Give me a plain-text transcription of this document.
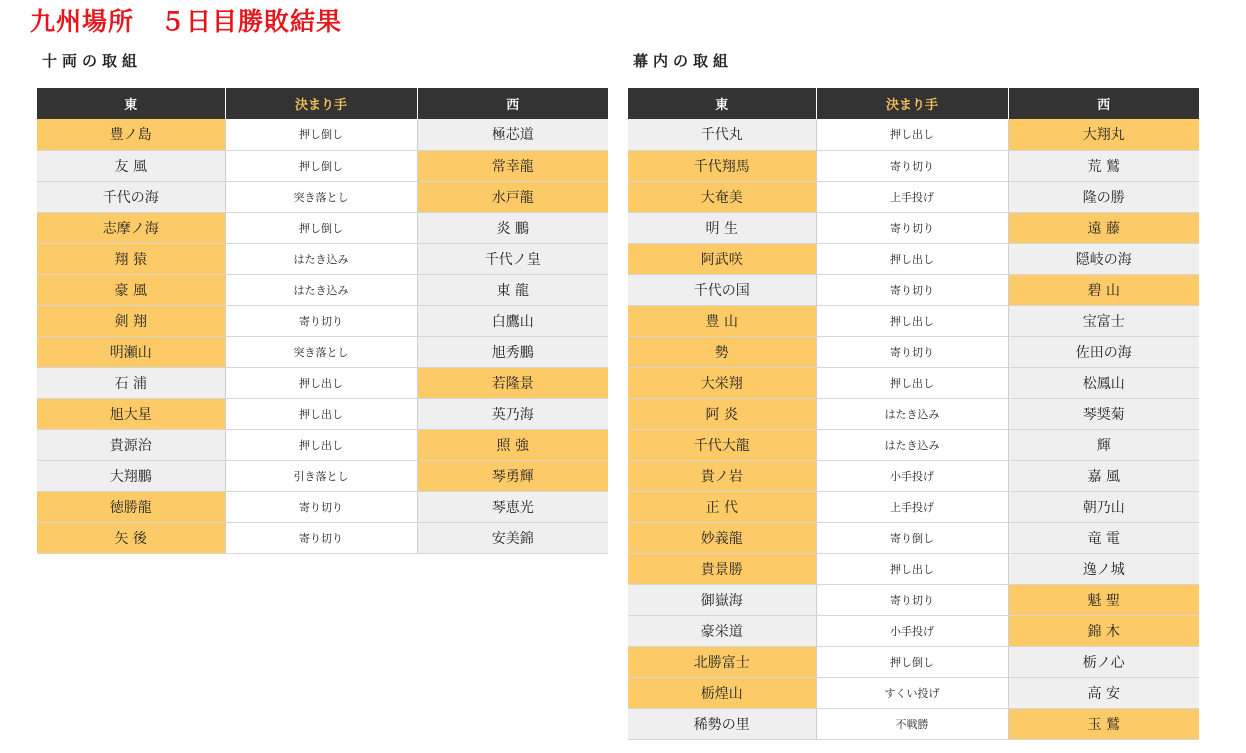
九州場所　５日目勝敗結果
十両の取組
東	決まり手	西
豊ノ島	押し倒し	極芯道
友 風	押し倒し	常幸龍
千代の海	突き落とし	水戸龍
志摩ノ海	押し倒し	炎 鵬
翔 猿	はたき込み	千代ノ皇
豪 風	はたき込み	東 龍
剣 翔	寄り切り	白鷹山
明瀬山	突き落とし	旭秀鵬
石 浦	押し出し	若隆景
旭大星	押し出し	英乃海
貴源治	押し出し	照 強
大翔鵬	引き落とし	琴勇輝
徳勝龍	寄り切り	琴恵光
矢 後	寄り切り	安美錦
幕内の取組
東	決まり手	西
千代丸	押し出し	大翔丸
千代翔馬	寄り切り	荒 鷲
大奄美	上手投げ	隆の勝
明 生	寄り切り	遠 藤
阿武咲	押し出し	隠岐の海
千代の国	寄り切り	碧 山
豊 山	押し出し	宝富士
勢	寄り切り	佐田の海
大栄翔	押し出し	松鳳山
阿 炎	はたき込み	琴奨菊
千代大龍	はたき込み	輝
貴ノ岩	小手投げ	嘉 風
正 代	上手投げ	朝乃山
妙義龍	寄り倒し	竜 電
貴景勝	押し出し	逸ノ城
御嶽海	寄り切り	魁 聖
豪栄道	小手投げ	錦 木
北勝富士	押し倒し	栃ノ心
栃煌山	すくい投げ	高 安
稀勢の里	不戦勝	玉 鷲
